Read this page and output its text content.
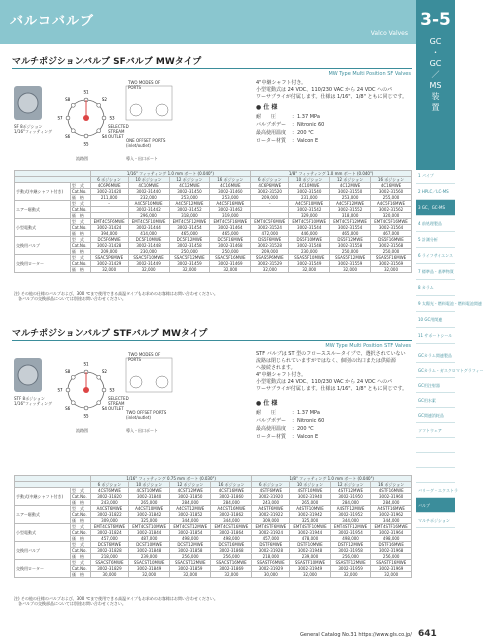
バルコバルブ
Valco Valves
3-5
GC
・
GC
／
MS
装
置
1 パイプ
2 HPLC／LC-MS
3 GC、GC-MS
4 前処理製品
5 計測分析
6 ライフサイエンス
7 標準品・基準物質
8 カラム
9 太陽光・燃料電池・燃料電池関連
10 GC用関連
11 サポートシール
GCカラム関連製品
GCカラム・ガスクロマトグラフィー
GC用注射器
GC用水素
GC関連消耗品
ソフトウェア
バリーグ・エクストラ
バルブ
マルチポジション
マルチポジションバルブ SFバルブ MWタイプ
MW Type Multi Position SF Valves
S1
S2
S3
S4
S5
S6
S7
S8
SF 8ポジション
1/16"フィッティング
流路図	導入・出口ポート
TWO MODES OF PORTS
SELECTED STREAM OUTLET
ONE OFFSET PORTS (inlet/outlet)
4"中継シャフト付き。
小型電動式は 24 VDC、110/230 VAC から 24 VDC へのパ
ワーサプライが付属します。仕様は 1/16"、1/8" ともに同じです。
● 仕 様
耐　　圧	：1.37 MPa
バルブボデー ：Nitronic 60
最高使用温度 ：200 ℃
ローター材質 ：Valcon E
		1/16" フィッティング 1.0 mm ボート (0.040")				1/8" フィッティング 1.0 mm ボート (0.040")			
		6 ポジション	10 ポジション	12 ポジション	16 ポジション	6 ポジション	10 ポジション	12 ポジション	16 ポジション
手動式(中継シャフト付き)	型　式	4C6P6MWE	4C10MWE	4C12MWE	4C16MWE	4C6P6MWE	4C10MWE	4C12MWE	4C16MWE
	Cat.No.	3002-31420	3002-31440	3002-31450	3002-31460	3002-31520	3002-31540	3002-31550	3002-31560
	価　格	211,000	232,000	253,000	253,000	209,000	231,000	253,000	255,000
エアー駆動式	型　式	–	A4C5F10MWE	A4C5F12MWE	A4C5F16MWE	–	A4C5F10MWE	A4C5F12MWE	A4C5F16MWE
	Cat.No.		3002-31442	3002-31452	3002-31462		3002-31542	3002-31552	3002-31562
	価　格		296,000	318,000	319,000		329,000	318,000	320,000
小型電動式	型　式	EMT4C5F6MWE	EMT4C5F10MWE	EMT4C5F12MWE	EMT4C5F16MWE	EMT4C5F6MWE	EMT4C5F10MWE	EMT4C5F12MWE	EMT4C5F16MWE
	Cat.No.	3002-31424	3002-31444	3002-31454	3002-31464	3002-31524	3002-31544	3002-31554	3002-31564
	価　格	394,000	414,000	465,000	465,000	472,000	446,000	465,000	467,000
交換用バルブ	型　式	DC5F6MWE	DC5F10MWE	DC5F12MWE	DC5F16MWE	DS5F6MWE	DS5F10MWE	DS5F12MWE	DS5F16MWE
	Cat.No.	3002-31428	3002-31448	3002-31458	3002-31468	3002-31528	3002-31548	3002-31558	3002-31568
	価　格	209,000	230,000	250,000	250,000	209,000	230,000	250,000	250,000
交換用ローター	型　式	SSAC5P6MWE	SSAC5F10MWE	SSAC5F12MWE	SSAC5F16MWE	SSAS5P6MWE	SSAS5F10MWE	SSAS5F12MWE	SSAS5F16MWE
	Cat.No.	3002-31429	3002-31449	3002-31459	3002-31469	3002-31529	3002-31549	3002-31559	3002-31569
	価　格	32,000	32,000	32,000	32,000	32,000	32,000	32,000	32,000
注) その他の仕様のバルブおよび、300 ℃まで使用できる高温タイプもお求めのお客様はお問い合わせください。
　各バルブの交換部品については別途お問い合わせください。
マルチポジションバルブ STFバルブ MWタイプ
MW Type Multi Position STF Valves
S1
S2
S3
S4
S5
S6
S7
S8
STF 8ポジション
1/16"フィッティング
流路図	導入・出口ポート
TWO MODES OF PORTS
SELECTED STREAM OUTLET
TWO OFFSET PORTS (inlet/outlet)
STF バルブは ST 型のフローススルータイプで、選択されていない
流路は閉じられていますがではなく、個別の出口または供給源
へ接続されます。
4"中継シャフト付き。
小型電動式は 24 VDC、110/230 VAC から 24 VDC へのパ
ワーサプライが付属します。仕様は 1/16"、1/8" ともに同じです。
● 仕 様
耐　　圧	：1.37 MPa
バルブボデー ：Nitronic 60
最高使用温度 ：200 ℃
ローター材質 ：Valcon E
		1/16" フィッティング 0.75 mm ボート (0.030")				1/8" フィッティング 1.0 mm ボート (0.040")			
		6 ポジション	10 ポジション	12 ポジション	16 ポジション	6 ポジション	10 ポジション	12 ポジション	16 ポジション
手動式(中継シャフト付き)	型　式	4CST6MWE	4CST10MWE	4CST12MWE	4CST16MWE	4STF6MWE	4STF10MWE	4STF12MWE	4STF16MWE
	Cat.No.	3002-31820	3002-31840	3002-31850	3002-31860	3002-31920	3002-31940	3002-31950	3002-31960
	価　格	243,000	265,000	284,000	284,000	243,000	265,000	284,000	284,000
エアー駆動式	型　式	A4CST6MWE	A4CST10MWE	A4CST12MWE	A4CST16MWE	A4STF6MWE	A4STF10MWE	A4STF12MWE	A4STF16MWE
	Cat.No.	3002-31822	3002-31842	3002-31852	3002-31862	3002-31922	3002-31942	3002-31952	3002-31962
	価　格	309,000	325,000	344,000	344,000	309,000	325,000	344,000	344,000
小型電動式	型　式	EMT4CST6MWE	EMT4CST10MWE	EMT4CST12MWE	EMT4CST16MWE	EMT4STF6MWE	EMT4STF10MWE	EMT4STF12MWE	EMT4STF16MWE
	Cat.No.	3002-31824	3002-31844	3002-31854	3002-31864	3002-31924	3002-31944	3002-31954	3002-31964
	価　格	457,000	487,000	498,000	498,000	457,000	478,000	498,000	498,000
交換用バルブ	型　式	DCST6MWE	DCST10MWE	DCST12MWE	DCST16MWE	DSTF6MWE	DSTF10MWE	DSTF12MWE	DSTF16MWE
	Cat.No.	3002-31828	3002-31848	3002-31858	3002-31868	3002-31928	3002-31948	3002-31958	3002-31968
	価　格	218,000	239,000	256,000	256,000	218,000	239,000	256,000	256,000
交換用ローター	型　式	SSACST6MWE	SSACST10MWE	SSACST12MWE	SSACST16MWE	SSASTF6MWE	SSASTF10MWE	SSASTF12MWE	SSASTF16MWE
	Cat.No.	3002-31829	3002-31849	3002-31859	3002-31869	3002-31929	3002-31949	3002-31959	3002-31969
	価　格	30,000	32,000	32,000	32,000	30,000	32,000	32,000	32,000
注) その他の仕様のバルブおよび、300 ℃まで使用できる高温タイプもお求めのお客様はお問い合わせください。
　各バルブの交換部品については別途お問い合わせください。
General Catalog No.31 https://www.gls.co.jp/ 641
